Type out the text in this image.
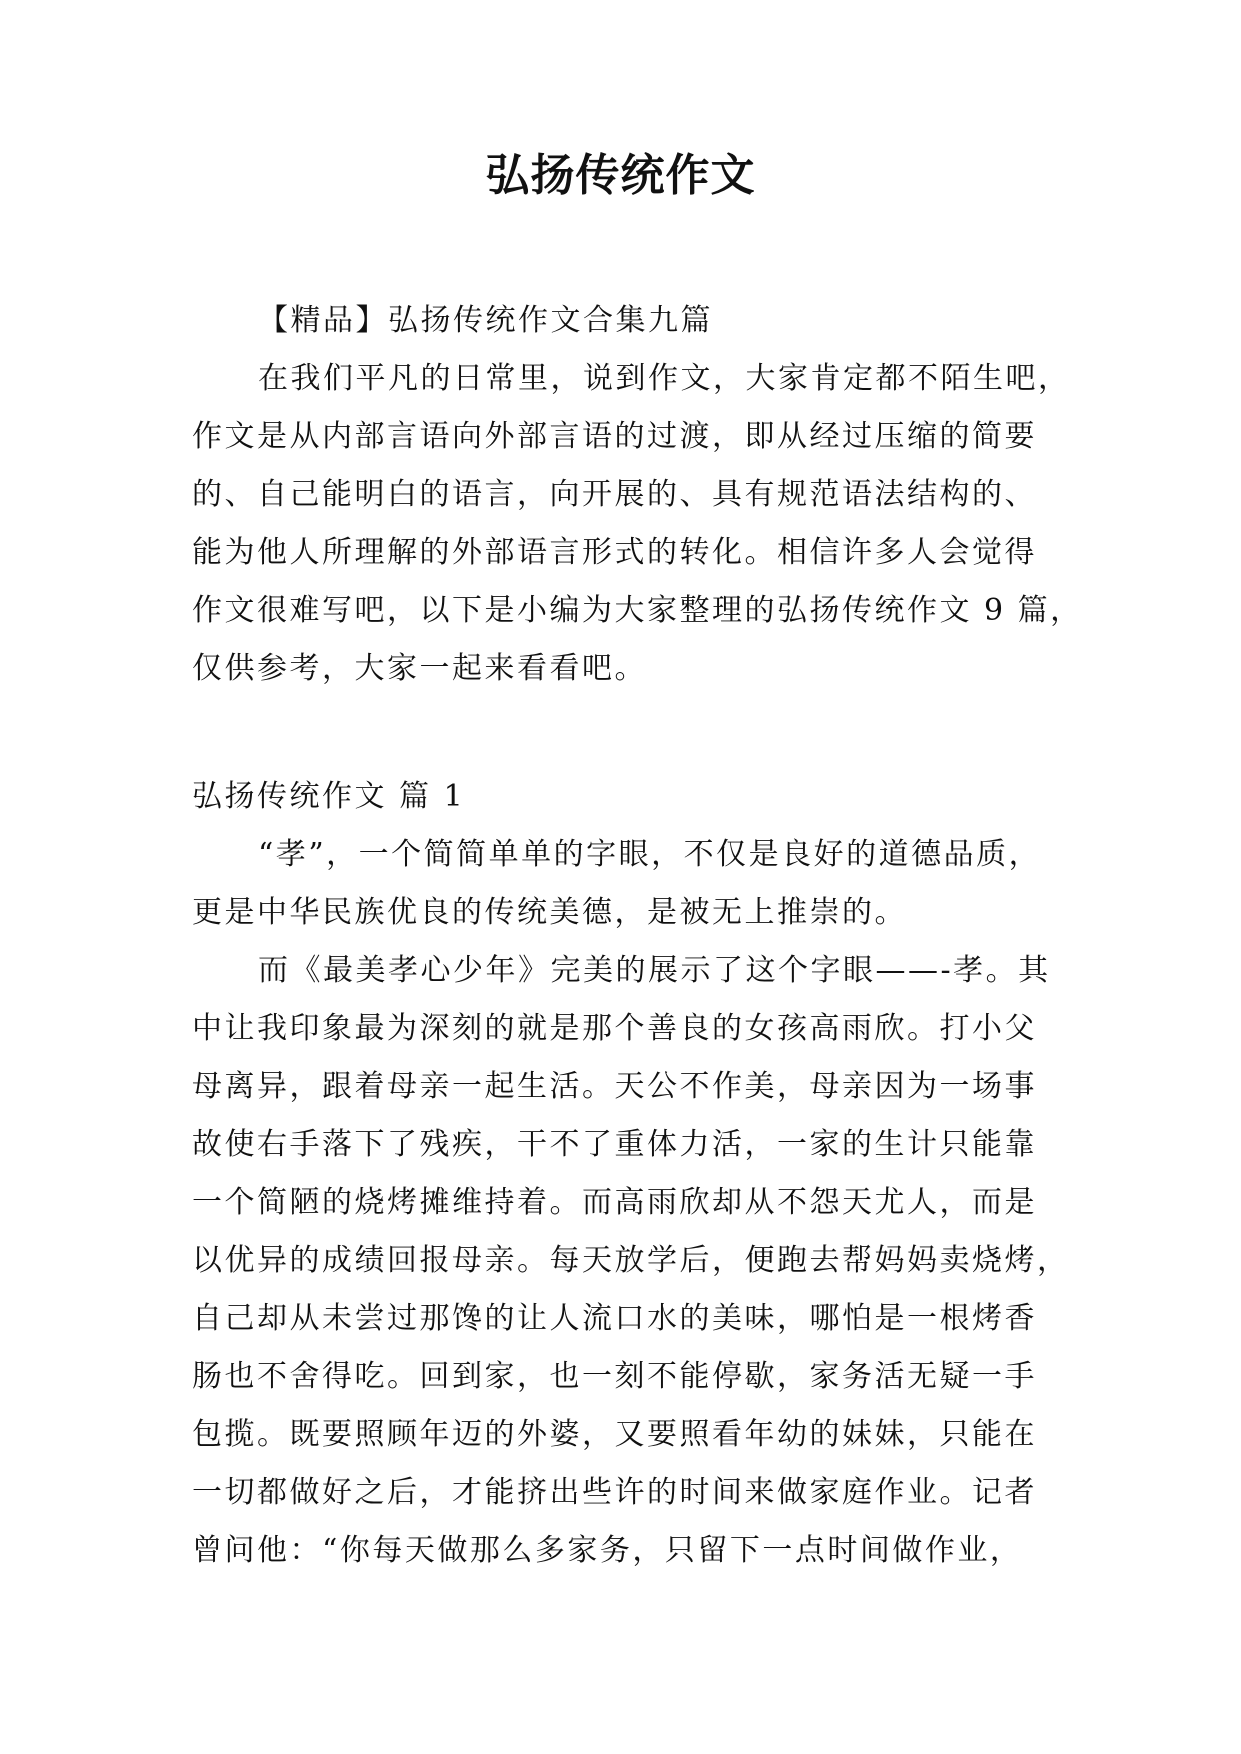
弘扬传统作文
【精品】弘扬传统作文合集九篇
在我们平凡的日常里，说到作文，大家肯定都不陌生吧，
作文是从内部言语向外部言语的过渡，即从经过压缩的简要
的、自己能明白的语言，向开展的、具有规范语法结构的、
能为他人所理解的外部语言形式的转化。相信许多人会觉得
作文很难写吧，以下是小编为大家整理的弘扬传统作文 9 篇，
仅供参考，大家一起来看看吧。
弘扬传统作文 篇 1
“孝”，一个简简单单的字眼，不仅是良好的道德品质，
更是中华民族优良的传统美德，是被无上推崇的。
而《最美孝心少年》完美的展示了这个字眼——-孝。其
中让我印象最为深刻的就是那个善良的女孩高雨欣。打小父
母离异，跟着母亲一起生活。天公不作美，母亲因为一场事
故使右手落下了残疾，干不了重体力活，一家的生计只能靠
一个简陋的烧烤摊维持着。而高雨欣却从不怨天尤人，而是
以优异的成绩回报母亲。每天放学后，便跑去帮妈妈卖烧烤，
自己却从未尝过那馋的让人流口水的美味，哪怕是一根烤香
肠也不舍得吃。回到家，也一刻不能停歇，家务活无疑一手
包揽。既要照顾年迈的外婆，又要照看年幼的妹妹，只能在
一切都做好之后，才能挤出些许的时间来做家庭作业。记者
曾问他：“你每天做那么多家务，只留下一点时间做作业，
